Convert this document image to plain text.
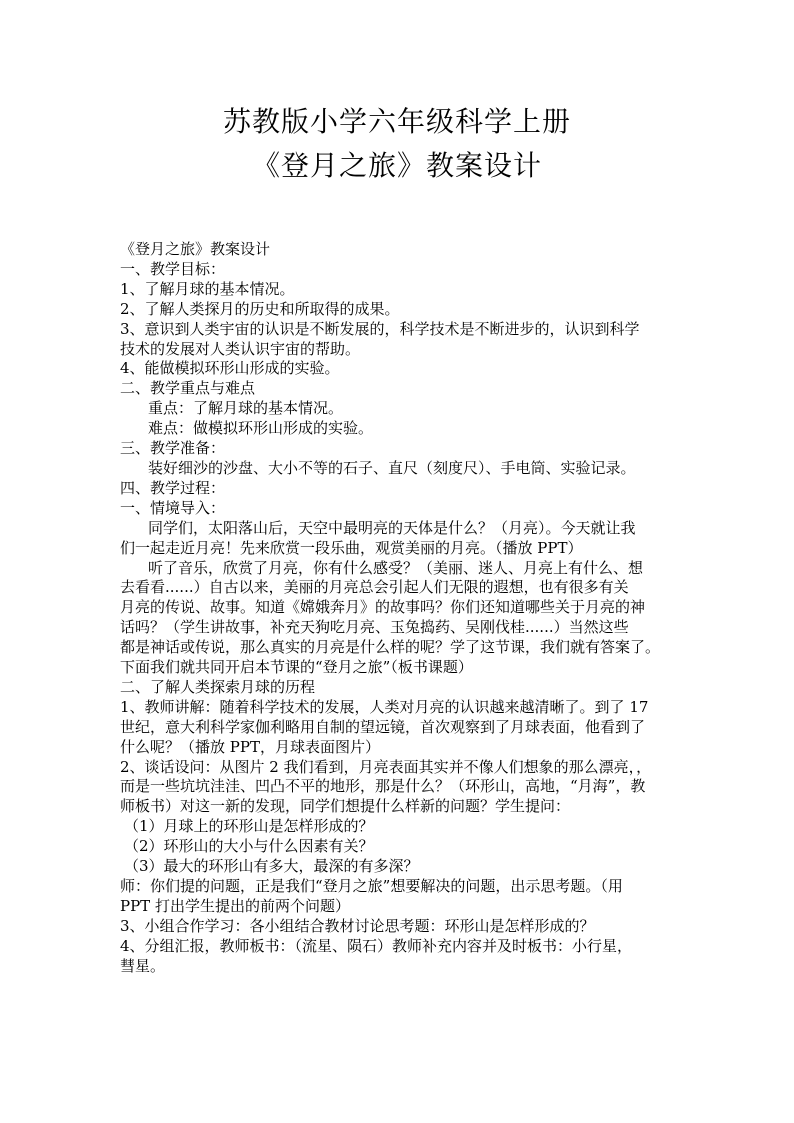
苏教版小学六年级科学上册
《登月之旅》教案设计
《登月之旅》教案设计
一、教学目标：
1、了解月球的基本情况。
2、了解人类探月的历史和所取得的成果。
3、意识到人类宇宙的认识是不断发展的，科学技术是不断进步的，认识到科学
技术的发展对人类认识宇宙的帮助。
4、能做模拟环形山形成的实验。
二、教学重点与难点
重点：了解月球的基本情况。
难点：做模拟环形山形成的实验。
三、教学准备：
装好细沙的沙盘、大小不等的石子、直尺（刻度尺）、手电筒、实验记录。
四、教学过程：
一、情境导入：
同学们，太阳落山后，天空中最明亮的天体是什么？（月亮）。今天就让我
们一起走近月亮！先来欣赏一段乐曲，观赏美丽的月亮。（播放 PPT）
听了音乐，欣赏了月亮，你有什么感受？（美丽、迷人、月亮上有什么、想
去看看......）自古以来，美丽的月亮总会引起人们无限的遐想，也有很多有关
月亮的传说、故事。知道《嫦娥奔月》的故事吗？你们还知道哪些关于月亮的神
话吗？（学生讲故事，补充天狗吃月亮、玉兔捣药、吴刚伐桂......）当然这些
都是神话或传说，那么真实的月亮是什么样的呢？学了这节课，我们就有答案了。
下面我们就共同开启本节课的“登月之旅”（板书课题）
二、了解人类探索月球的历程
1、教师讲解：随着科学技术的发展，人类对月亮的认识越来越清晰了。到了 17
世纪，意大利科学家伽利略用自制的望远镜，首次观察到了月球表面，他看到了
什么呢？（播放 PPT，月球表面图片）
2、谈话设问：从图片 2 我们看到，月亮表面其实并不像人们想象的那么漂亮，，
而是一些坑坑洼洼、凹凸不平的地形，那是什么？（环形山，高地，“月海”，教
师板书）对这一新的发现，同学们想提什么样新的问题？学生提问：
（1）月球上的环形山是怎样形成的？
（2）环形山的大小与什么因素有关？
（3）最大的环形山有多大，最深的有多深？
师：你们提的问题，正是我们“登月之旅”想要解决的问题，出示思考题。（用
PPT 打出学生提出的前两个问题）
3、小组合作学习：各小组结合教材讨论思考题：环形山是怎样形成的？
4、分组汇报，教师板书：（流星、陨石）教师补充内容并及时板书：小行星，
彗星。
